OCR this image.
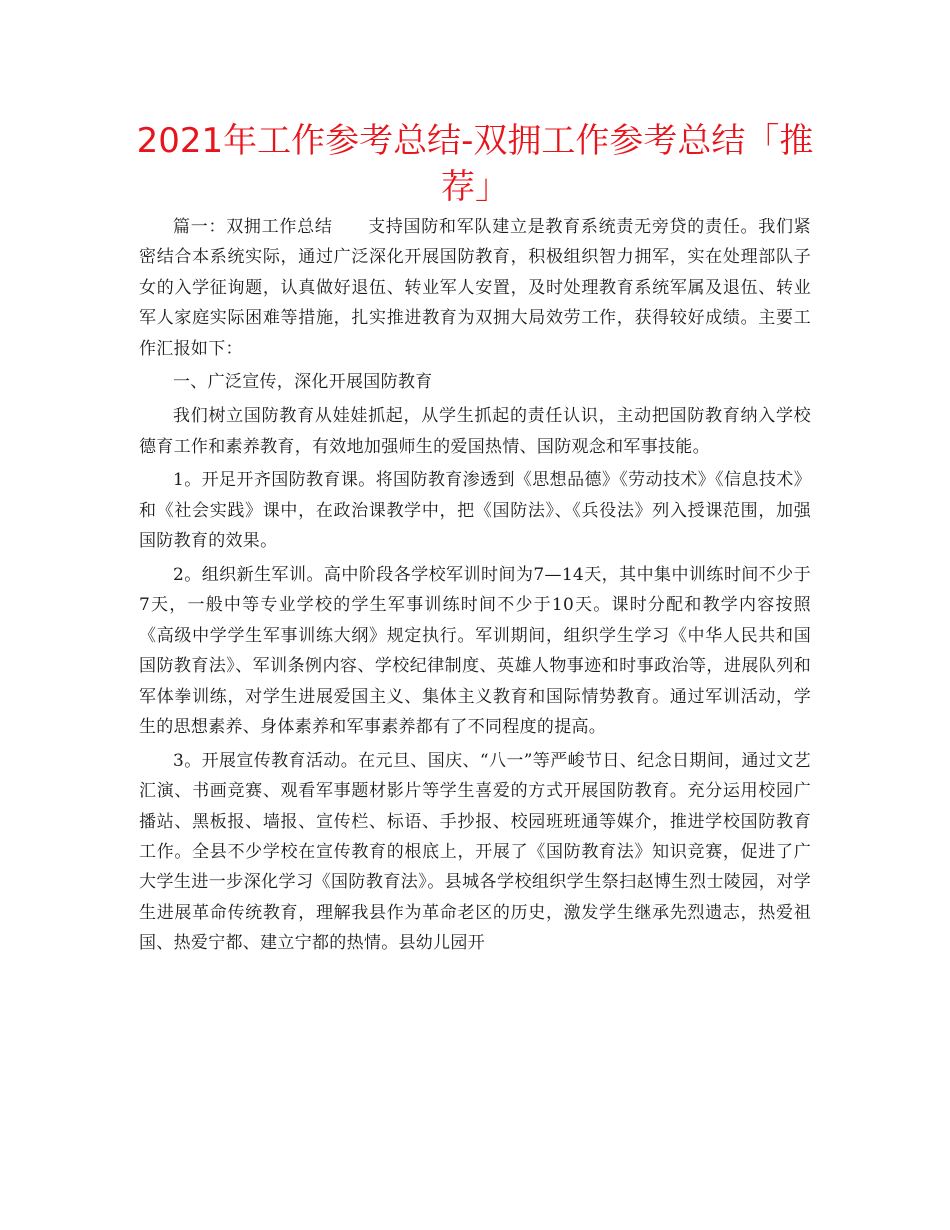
2021年工作参考总结-双拥工作参考总结「推荐」

篇一：双拥工作总结　　支持国防和军队建立是教育系统责无旁贷的责任。我们紧密结合本系统实际，通过广泛深化开展国防教育，积极组织智力拥军，实在处理部队子女的入学征询题，认真做好退伍、转业军人安置，及时处理教育系统军属及退伍、转业军人家庭实际困难等措施，扎实推进教育为双拥大局效劳工作，获得较好成绩。主要工作汇报如下：

一、广泛宣传，深化开展国防教育

我们树立国防教育从娃娃抓起，从学生抓起的责任认识，主动把国防教育纳入学校德育工作和素养教育，有效地加强师生的爱国热情、国防观念和军事技能。

1。开足开齐国防教育课。将国防教育渗透到《思想品德》《劳动技术》《信息技术》和《社会实践》课中，在政治课教学中，把《国防法》、《兵役法》列入授课范围，加强国防教育的效果。

2。组织新生军训。高中阶段各学校军训时间为7—14天，其中集中训练时间不少于7天，一般中等专业学校的学生军事训练时间不少于10天。课时分配和教学内容按照《高级中学学生军事训练大纲》规定执行。军训期间，组织学生学习《中华人民共和国国防教育法》、军训条例内容、学校纪律制度、英雄人物事迹和时事政治等，进展队列和军体拳训练，对学生进展爱国主义、集体主义教育和国际情势教育。通过军训活动，学生的思想素养、身体素养和军事素养都有了不同程度的提高。

3。开展宣传教育活动。在元旦、国庆、“八一”等严峻节日、纪念日期间，通过文艺汇演、书画竞赛、观看军事题材影片等学生喜爱的方式开展国防教育。充分运用校园广播站、黑板报、墙报、宣传栏、标语、手抄报、校园班班通等媒介，推进学校国防教育工作。全县不少学校在宣传教育的根底上，开展了《国防教育法》知识竞赛，促进了广大学生进一步深化学习《国防教育法》。县城各学校组织学生祭扫赵博生烈士陵园，对学生进展革命传统教育，理解我县作为革命老区的历史，激发学生继承先烈遗志，热爱祖国、热爱宁都、建立宁都的热情。县幼儿园开
